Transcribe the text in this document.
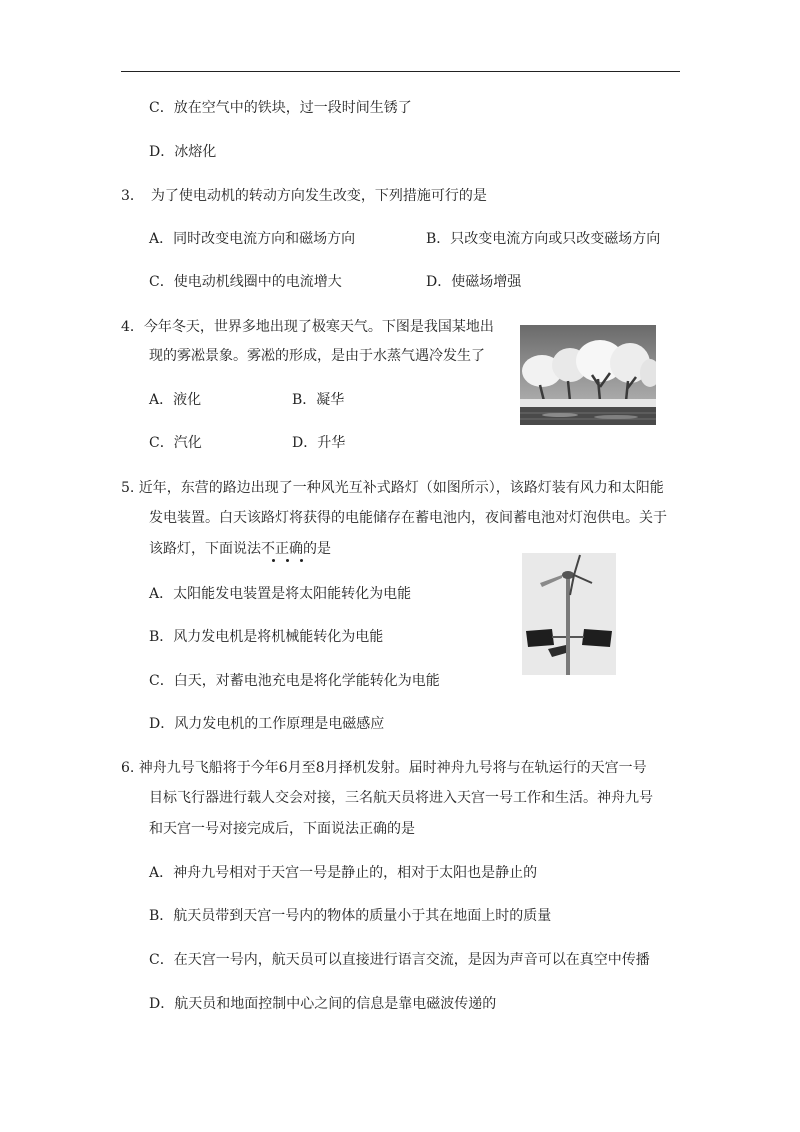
C．放在空气中的铁块，过一段时间生锈了
D．冰熔化
3．　为了使电动机的转动方向发生改变，下列措施可行的是
A．同时改变电流方向和磁场方向	B．只改变电流方向或只改变磁场方向
C．使电动机线圈中的电流增大	D．使磁场增强
4．今年冬天，世界多地出现了极寒天气。下图是我国某地出
现的雾凇景象。雾凇的形成，是由于水蒸气遇冷发生了
A．液化	B．凝华
C．汽化	D．升华
5. 近年，东营的路边出现了一种风光互补式路灯（如图所示），该路灯装有风力和太阳能
发电装置。白天该路灯将获得的电能储存在蓄电池内，夜间蓄电池对灯泡供电。关于
该路灯，下面说法不正确的是
A．太阳能发电装置是将太阳能转化为电能
B．风力发电机是将机械能转化为电能
C．白天，对蓄电池充电是将化学能转化为电能
D．风力发电机的工作原理是电磁感应
6. 神舟九号飞船将于今年6月至8月择机发射。届时神舟九号将与在轨运行的天宫一号
目标飞行器进行载人交会对接，三名航天员将进入天宫一号工作和生活。神舟九号
和天宫一号对接完成后，下面说法正确的是
A．神舟九号相对于天宫一号是静止的，相对于太阳也是静止的
B．航天员带到天宫一号内的物体的质量小于其在地面上时的质量
C．在天宫一号内，航天员可以直接进行语言交流，是因为声音可以在真空中传播
D．航天员和地面控制中心之间的信息是靠电磁波传递的
